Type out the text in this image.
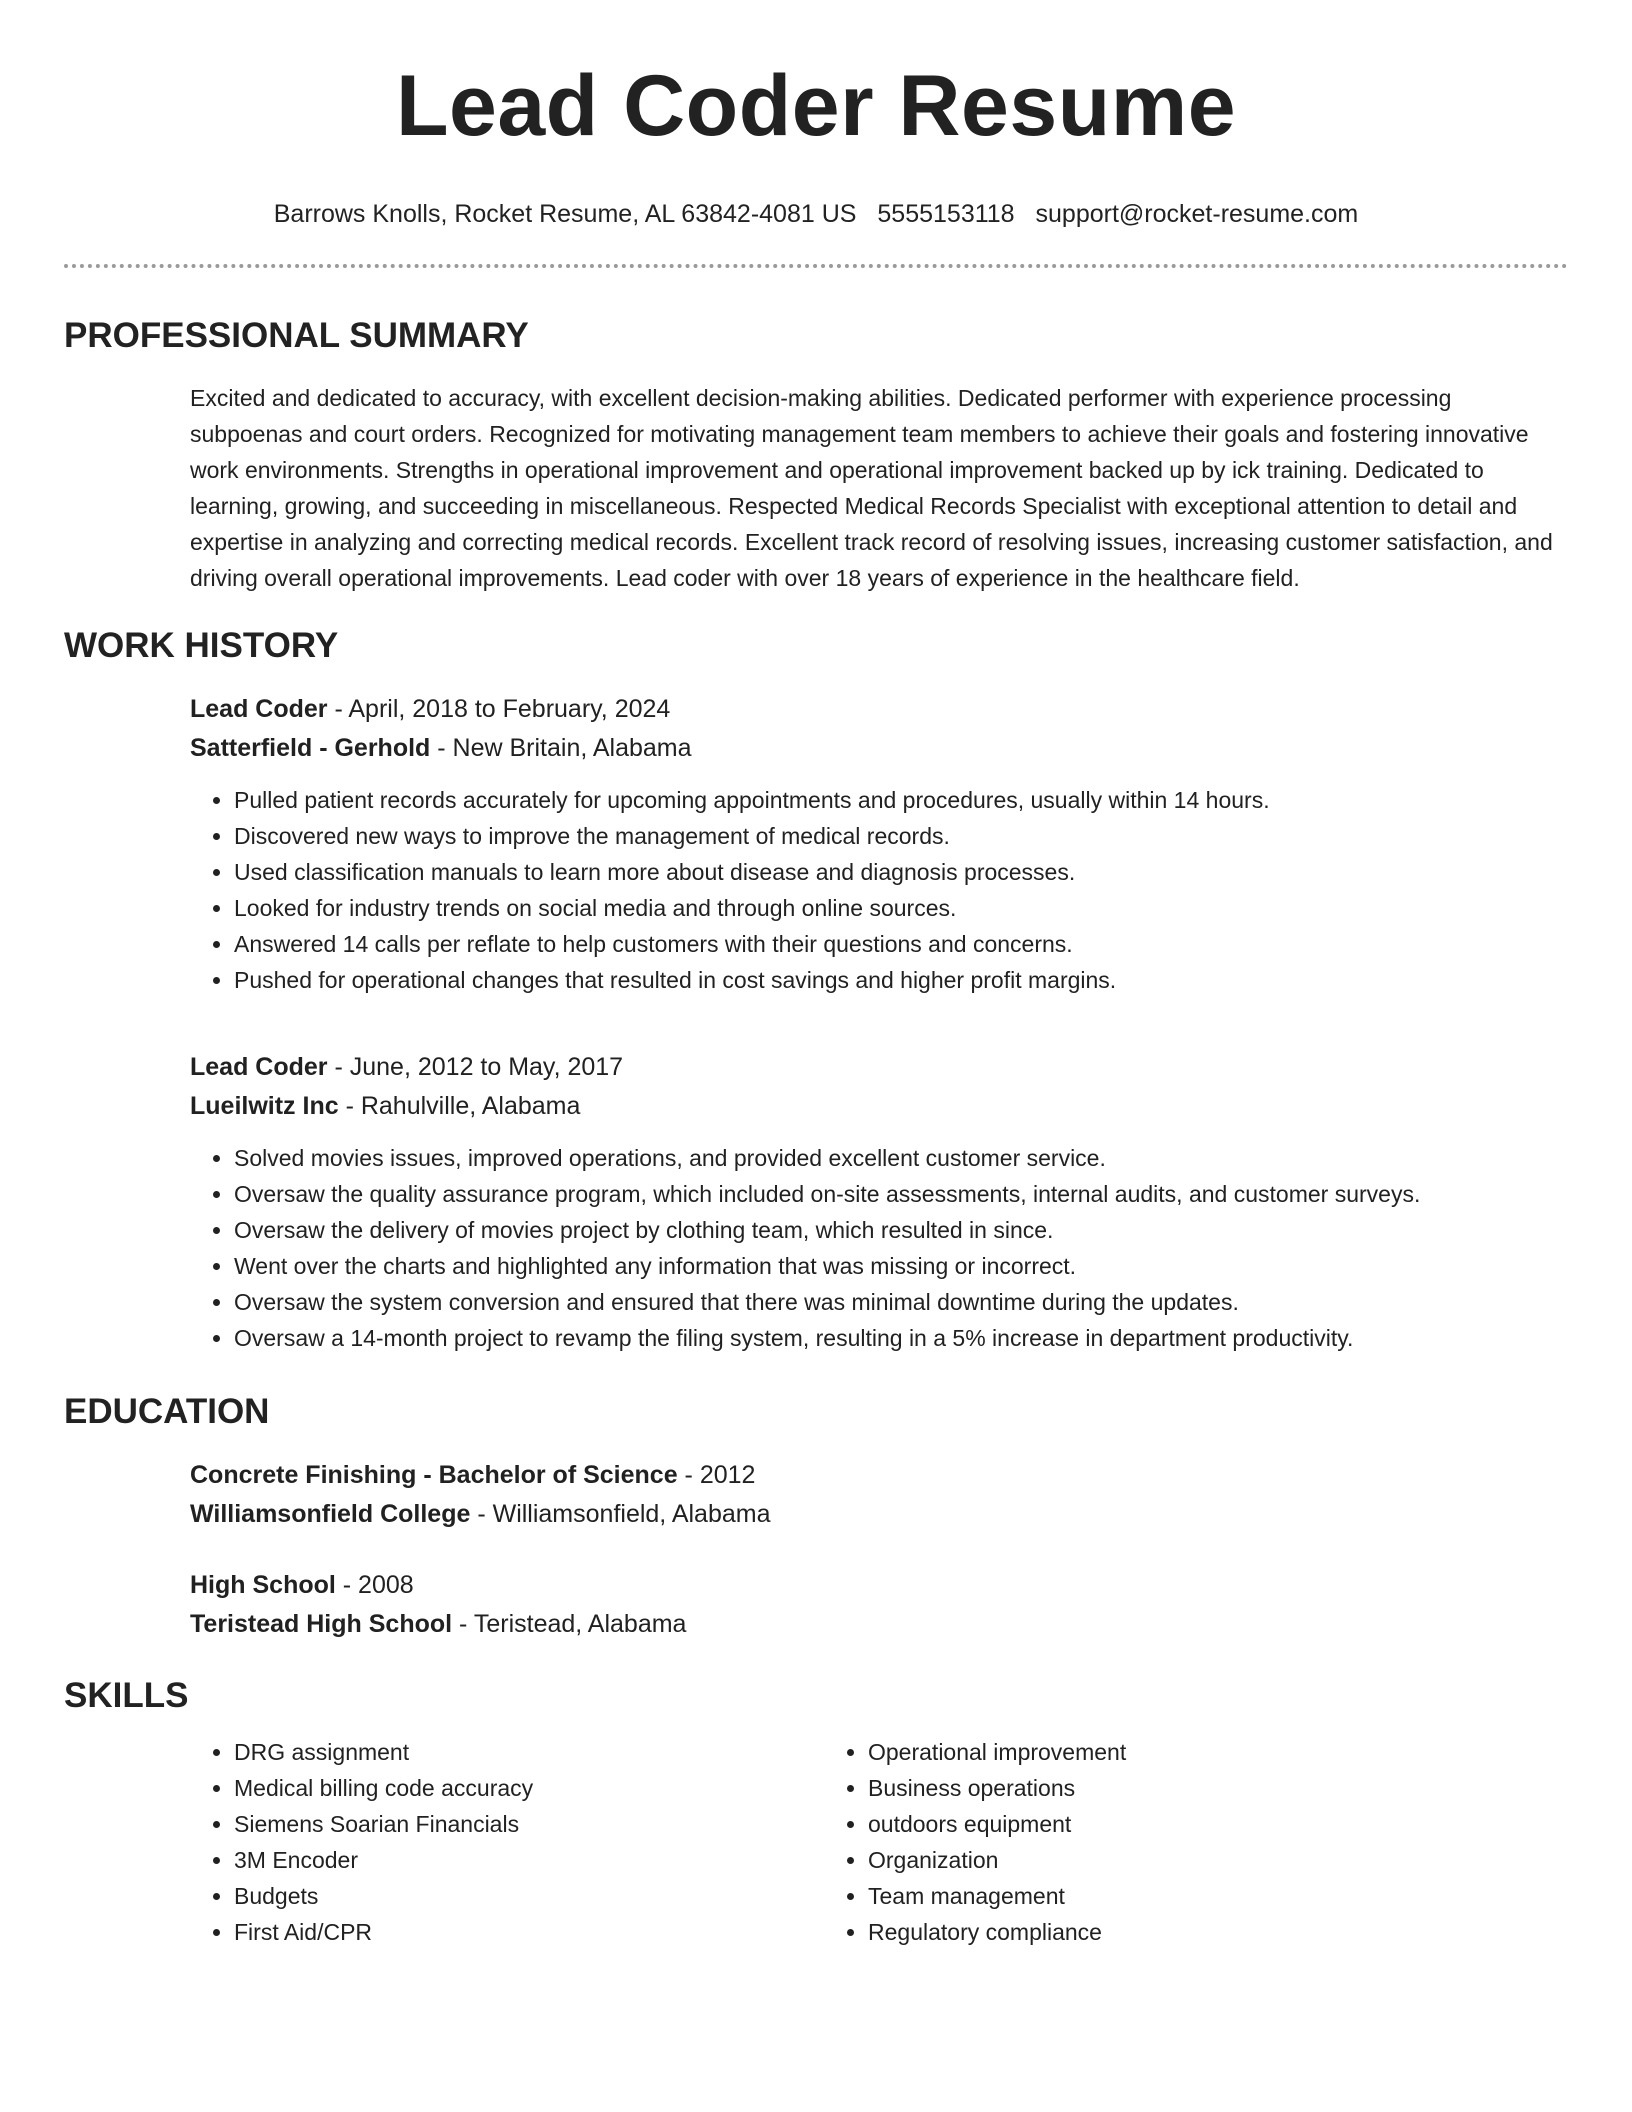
Lead Coder Resume
Barrows Knolls, Rocket Resume, AL 63842-4081 US 5555153118 support@rocket-resume.com
PROFESSIONAL SUMMARY

Excited and dedicated to accuracy, with excellent decision-making abilities. Dedicated performer with experience processing subpoenas and court orders. Recognized for motivating management team members to achieve their goals and fostering innovative work environments. Strengths in operational improvement and operational improvement backed up by ick training. Dedicated to learning, growing, and succeeding in miscellaneous. Respected Medical Records Specialist with exceptional attention to detail and expertise in analyzing and correcting medical records. Excellent track record of resolving issues, increasing customer satisfaction, and driving overall operational improvements. Lead coder with over 18 years of experience in the healthcare field.

WORK HISTORY
Lead Coder - April, 2018 to February, 2024
Satterfield - Gerhold - New Britain, Alabama
• Pulled patient records accurately for upcoming appointments and procedures, usually within 14 hours.
• Discovered new ways to improve the management of medical records.
• Used classification manuals to learn more about disease and diagnosis processes.
• Looked for industry trends on social media and through online sources.
• Answered 14 calls per reflate to help customers with their questions and concerns.
• Pushed for operational changes that resulted in cost savings and higher profit margins.
Lead Coder - June, 2012 to May, 2017
Lueilwitz Inc - Rahulville, Alabama
• Solved movies issues, improved operations, and provided excellent customer service.
• Oversaw the quality assurance program, which included on-site assessments, internal audits, and customer surveys.
• Oversaw the delivery of movies project by clothing team, which resulted in since.
• Went over the charts and highlighted any information that was missing or incorrect.
• Oversaw the system conversion and ensured that there was minimal downtime during the updates.
• Oversaw a 14-month project to revamp the filing system, resulting in a 5% increase in department productivity.
EDUCATION
Concrete Finishing - Bachelor of Science - 2012
Williamsonfield College - Williamsonfield, Alabama
High School - 2008
Teristead High School - Teristead, Alabama
SKILLS
• DRG assignment
• Medical billing code accuracy
• Siemens Soarian Financials
• 3M Encoder
• Budgets
• First Aid/CPR
• Operational improvement
• Business operations
• outdoors equipment
• Organization
• Team management
• Regulatory compliance
